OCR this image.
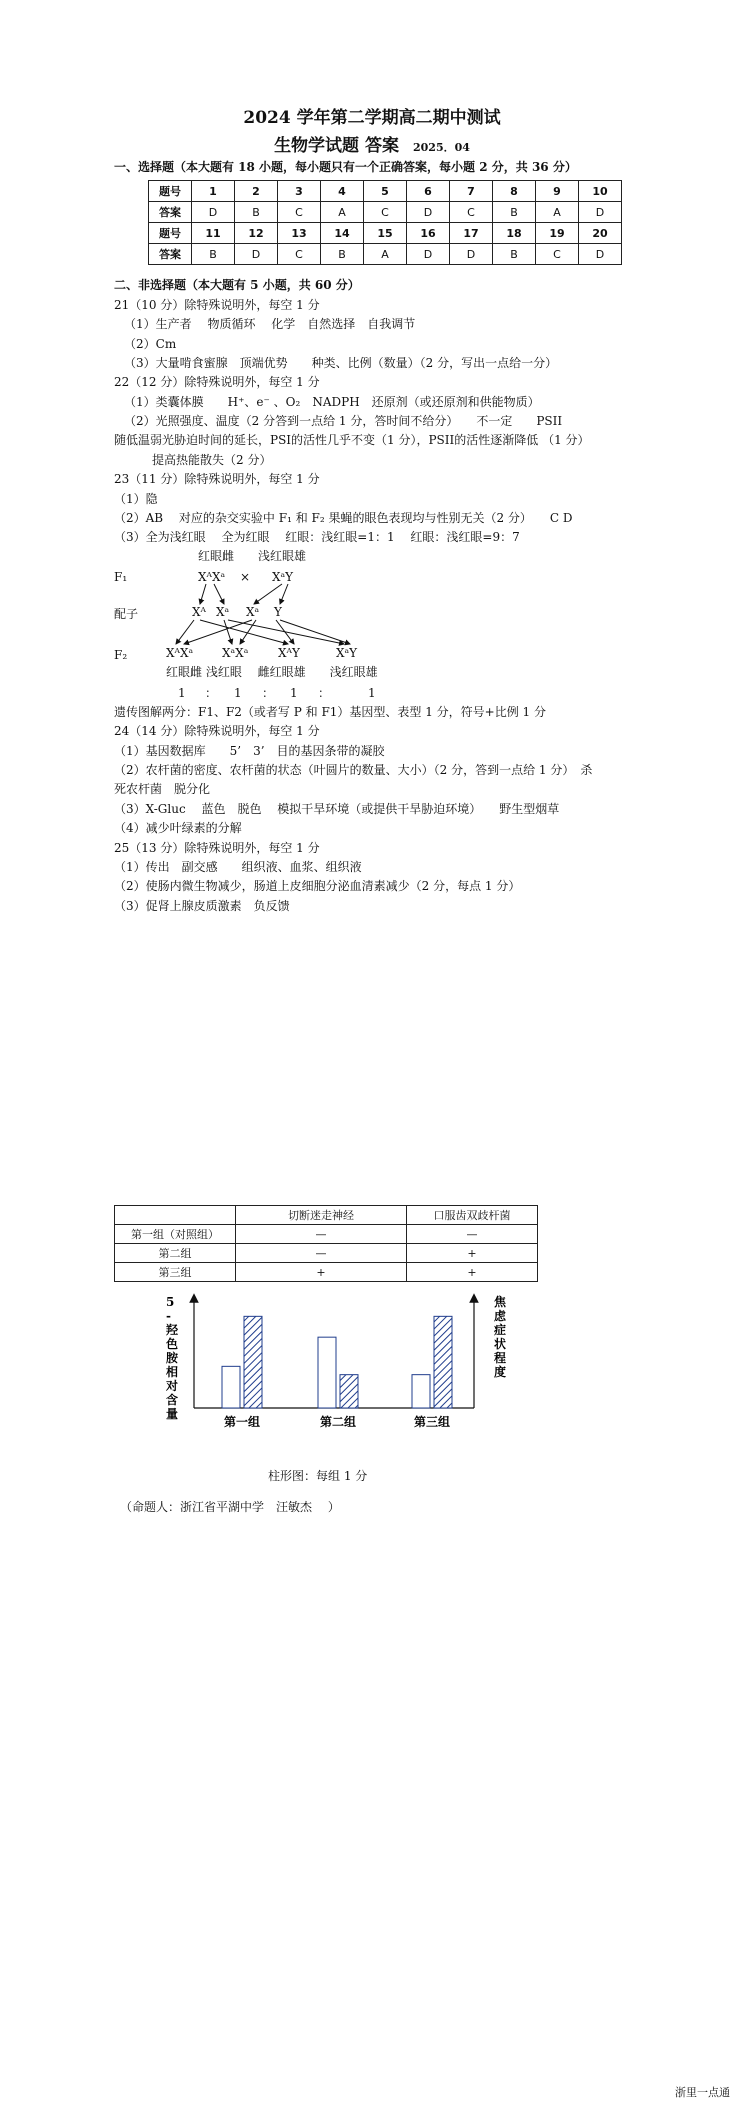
2024 学年第二学期高二期中测试
生物学试题 答案 2025．04
一、选择题（本大题有 18 小题，每小题只有一个正确答案，每小题 2 分，共 36 分）
题号	1	2	3	4	5	6	7	8	9	10
答案	D	B	C	A	C	D	C	B	A	D
题号	11	12	13	14	15	16	17	18	19	20
答案	B	D	C	B	A	D	D	B	C	D
二、非选择题（本大题有 5 小题，共 60 分）
21（10 分）除特殊说明外，每空 1 分
（1）生产者　 物质循环　 化学　自然选择　自我调节
（2）Cm
（3）大量啃食蜜腺　顶端优势　　种类、比例（数量）（2 分，写出一点给一分）
22（12 分）除特殊说明外，每空 1 分
（1）类囊体膜　　H⁺、e⁻ 、O₂　NADPH　还原剂（或还原剂和供能物质）
（2）光照强度、温度（2 分答到一点给 1 分，答时间不给分）　　不一定　　PSII
随低温弱光胁迫时间的延长，PSI的活性几乎不变（1 分），PSII的活性逐渐降低 （1 分）
提高热能散失（2 分）
23（11 分）除特殊说明外，每空 1 分
（1）隐
（2）AB　 对应的杂交实验中 F₁ 和 F₂ 果蝇的眼色表现均与性别无关（2 分）　　C D
（3）全为浅红眼　 全为红眼　 红眼：浅红眼=1：1　 红眼：浅红眼=9：7
红眼雌　　浅红眼雄
F₁	XᴬXᵃ × XᵃY
配子	Xᴬ Xᵃ Xᵃ Y
F₂	XᴬXᵃ XᵃXᵃ XᴬY	XᵃY
红眼雌 浅红眼　 雌红眼雄　　浅红眼雄
1 ： 1 ： 1 ：	1
遗传图解两分：F1、F2（或者写 P 和 F1）基因型、表型 1 分，符号+比例 1 分
24（14 分）除特殊说明外，每空 1 分
（1）基因数据库　　5’　3’　目的基因条带的凝胶
（2）农杆菌的密度、农杆菌的状态（叶圆片的数量、大小）（2 分，答到一点给 1 分）　杀
死农杆菌　脱分化
（3）X-Gluc　 蓝色　脱色　 模拟干旱环境（或提供干旱胁迫环境）　　野生型烟草
（4）减少叶绿素的分解
25（13 分）除特殊说明外，每空 1 分
（1）传出　副交感　　组织液、血浆、组织液
（2）使肠内微生物减少，肠道上皮细胞分泌血清素减少（2 分，每点 1 分）
（3）促肾上腺皮质激素　负反馈
	切断迷走神经	口服齿双歧杆菌
第一组（对照组）	—	—
第二组	—	+
第三组	+	+
5 -羟色胺相对含量
焦虑症状程度
第一组	第二组	第三组
柱形图：每组 1 分
（命题人：浙江省平湖中学　汪敏杰　 ）
浙里一点通
